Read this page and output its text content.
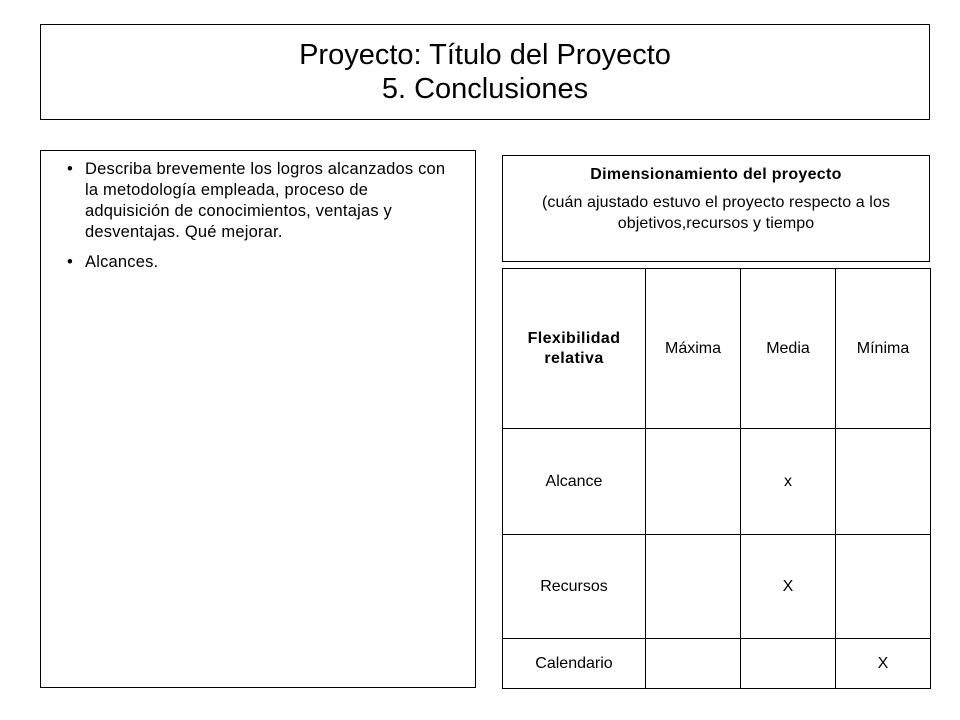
Proyecto: Título del Proyecto
5. Conclusiones
• Describa brevemente los logros alcanzados con la metodología empleada, proceso de adquisición de conocimientos, ventajas y desventajas. Qué mejorar.
• Alcances.
Dimensionamiento del proyecto
(cuán ajustado estuvo el proyecto respecto a los objetivos,recursos y tiempo
Flexibilidad relativa	Máxima	Media	Mínima
Alcance		x	
Recursos		X	
Calendario			X
